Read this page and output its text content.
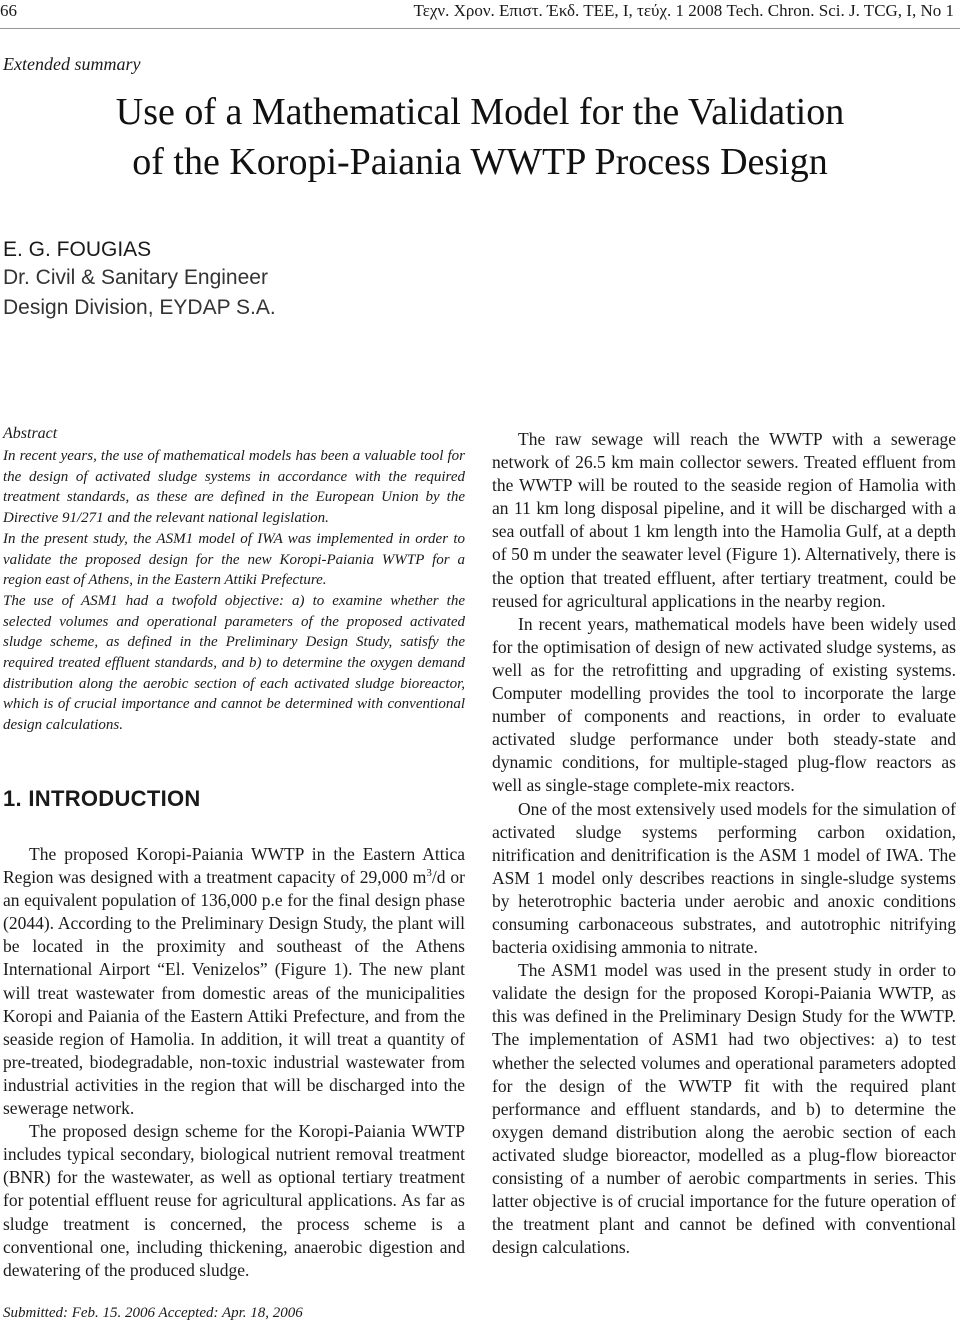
66	Τεχν. Χρον. Επιστ. Έκδ. ΤΕΕ, Ι, τεύχ. 1 2008 Tech. Chron. Sci. J. TCG, I, No 1
Extended summary
Use of a Mathematical Model for the Validation
of the Koropi-Paiania WWTP Process Design
E. G. FOUGIAS
Dr. Civil & Sanitary Engineer
Design Division, EYDAP S.A.
Abstract

In recent years, the use of mathematical models has been a valuable tool for the design of activated sludge systems in accordance with the required treatment standards, as these are defined in the European Union by the Directive 91/271 and the relevant national legislation.

In the present study, the ASM1 model of IWA was implemented in order to validate the proposed design for the new Koropi-Paiania WWTP for a region east of Athens, in the Eastern Attiki Prefecture.

The use of ASM1 had a twofold objective: a) to examine whether the selected volumes and operational parameters of the proposed activated sludge scheme, as defined in the Preliminary Design Study, satisfy the required treated effluent standards, and b) to determine the oxygen demand distribution along the aerobic section of each activated sludge bioreactor, which is of crucial importance and cannot be determined with conventional design calculations.

1. INTRODUCTION

The proposed Koropi-Paiania WWTP in the Eastern Attica Region was designed with a treatment capacity of 29,000 $m^3/d$ or an equivalent population of 136,000 p.e for the final design phase (2044). According to the Preliminary Design Study, the plant will be located in the proximity and southeast of the Athens International Airport “El. Venizelos” (Figure 1). The new plant will treat wastewater from domestic areas of the municipalities Koropi and Paiania of the Eastern Attiki Prefecture, and from the seaside region of Hamolia. In addition, it will treat a quantity of pre-treated, biodegradable, non-toxic industrial wastewater from industrial activities in the region that will be discharged into the sewerage network.

The proposed design scheme for the Koropi-Paiania WWTP includes typical secondary, biological nutrient removal treatment (BNR) for the wastewater, as well as optional tertiary treatment for potential effluent reuse for agricultural applications. As far as sludge treatment is concerned, the process scheme is a conventional one, including thickening, anaerobic digestion and dewatering of the produced sludge.

The raw sewage will reach the WWTP with a sewerage network of 26.5 km main collector sewers. Treated effluent from the WWTP will be routed to the seaside region of Hamolia with an 11 km long disposal pipeline, and it will be discharged with a sea outfall of about 1 km length into the Hamolia Gulf, at a depth of 50 m under the seawater level (Figure 1). Alternatively, there is the option that treated effluent, after tertiary treatment, could be reused for agricultural applications in the nearby region.

In recent years, mathematical models have been widely used for the optimisation of design of new activated sludge systems, as well as for the retrofitting and upgrading of existing systems. Computer modelling provides the tool to incorporate the large number of components and reactions, in order to evaluate activated sludge performance under both steady-state and dynamic conditions, for multiple-staged plug-flow reactors as well as single-stage complete-mix reactors.

One of the most extensively used models for the simulation of activated sludge systems performing carbon oxidation, nitrification and denitrification is the ASM 1 model of IWA. The ASM 1 model only describes reactions in single-sludge systems by heterotrophic bacteria under aerobic and anoxic conditions consuming carbonaceous substrates, and autotrophic nitrifying bacteria oxidising ammonia to nitrate.

The ASM1 model was used in the present study in order to validate the design for the proposed Koropi-Paiania WWTP, as this was defined in the Preliminary Design Study for the WWTP. The implementation of ASM1 had two objectives: a) to test whether the selected volumes and operational parameters adopted for the design of the WWTP fit with the required plant performance and effluent standards, and b) to determine the oxygen demand distribution along the aerobic section of each activated sludge bioreactor, modelled as a plug-flow bioreactor consisting of a number of aerobic compartments in series. This latter objective is of crucial importance for the future operation of the treatment plant and cannot be defined with conventional design calculations.

Submitted: Feb. 15. 2006 Accepted: Apr. 18, 2006
